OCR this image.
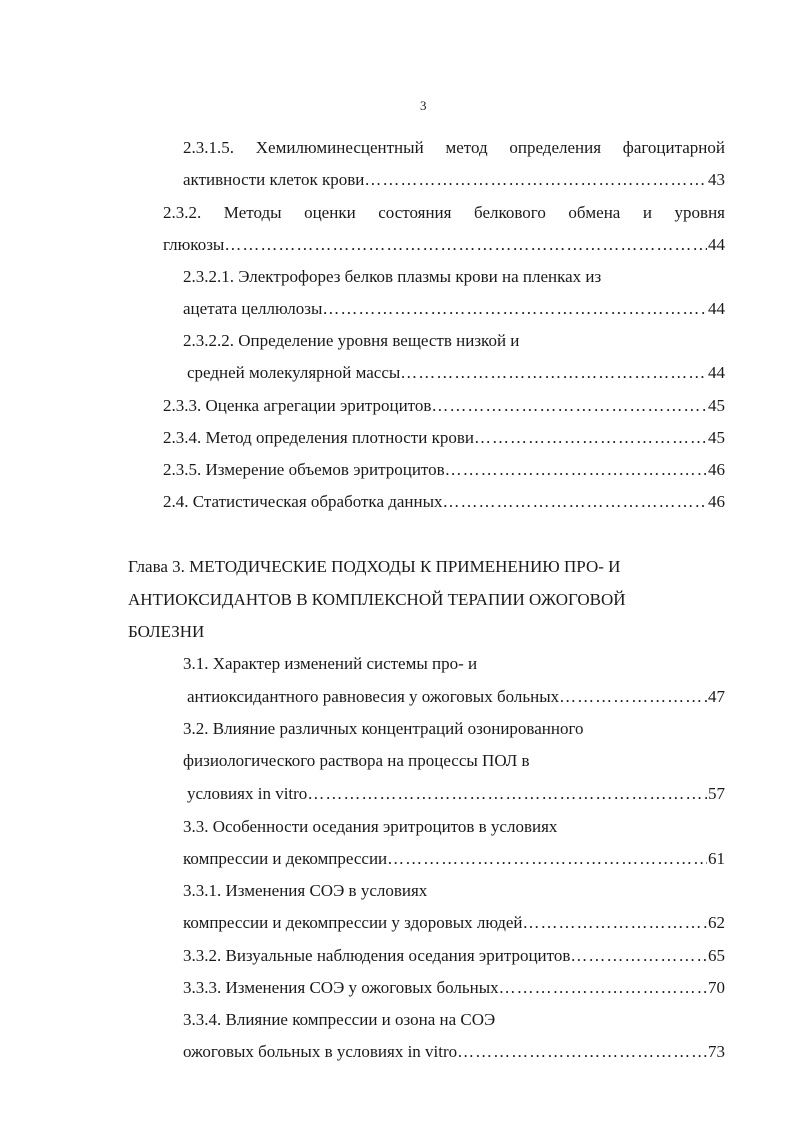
3
2.3.1.5. Хемилюминесцентный метод определения фагоцитарной
активности клеток крови ………………………………………………………………………………………………………………………………………………	43
2.3.2. Методы оценки состояния белкового обмена и уровня
глюкозы ………………………………………………………………………………………………………………………………………………	44
2.3.2.1. Электрофорез белков плазмы крови на пленках из
ацетата целлюлозы ………………………………………………………………………………………………………………………………………………	44
2.3.2.2. Определение уровня веществ низкой и
средней молекулярной массы ………………………………………………………………………………………………………………………………………………	44
2.3.3. Оценка агрегации эритроцитов ………………………………………………………………………………………………………………………………………………	45
2.3.4. Метод определения плотности крови ………………………………………………………………………………………………………………………………………………	45
2.3.5. Измерение объемов эритроцитов ………………………………………………………………………………………………………………………………………………	46
2.4. Статистическая обработка данных ………………………………………………………………………………………………………………………………………………	46
Глава 3. МЕТОДИЧЕСКИЕ ПОДХОДЫ К ПРИМЕНЕНИЮ ПРО- И
АНТИОКСИДАНТОВ В КОМПЛЕКСНОЙ ТЕРАПИИ ОЖОГОВОЙ
БОЛЕЗНИ
3.1. Характер изменений системы про- и
антиоксидантного равновесия у ожоговых больных ………………………………………………………………………………………………………………………………………………	47
3.2. Влияние различных концентраций озонированного
физиологического раствора на процессы ПОЛ в
условиях in vitro ………………………………………………………………………………………………………………………………………………	57
3.3. Особенности оседания эритроцитов в условиях
компрессии и декомпрессии ………………………………………………………………………………………………………………………………………………	61
3.3.1. Изменения СОЭ в условиях
компрессии и декомпрессии у здоровых людей ………………………………………………………………………………………………………………………………………………	62
3.3.2. Визуальные наблюдения оседания эритроцитов ………………………………………………………………………………………………………………………………………………	65
3.3.3. Изменения СОЭ у ожоговых больных ………………………………………………………………………………………………………………………………………………	70
3.3.4. Влияние компрессии и озона на СОЭ
ожоговых больных в условиях in vitro ………………………………………………………………………………………………………………………………………………	73
